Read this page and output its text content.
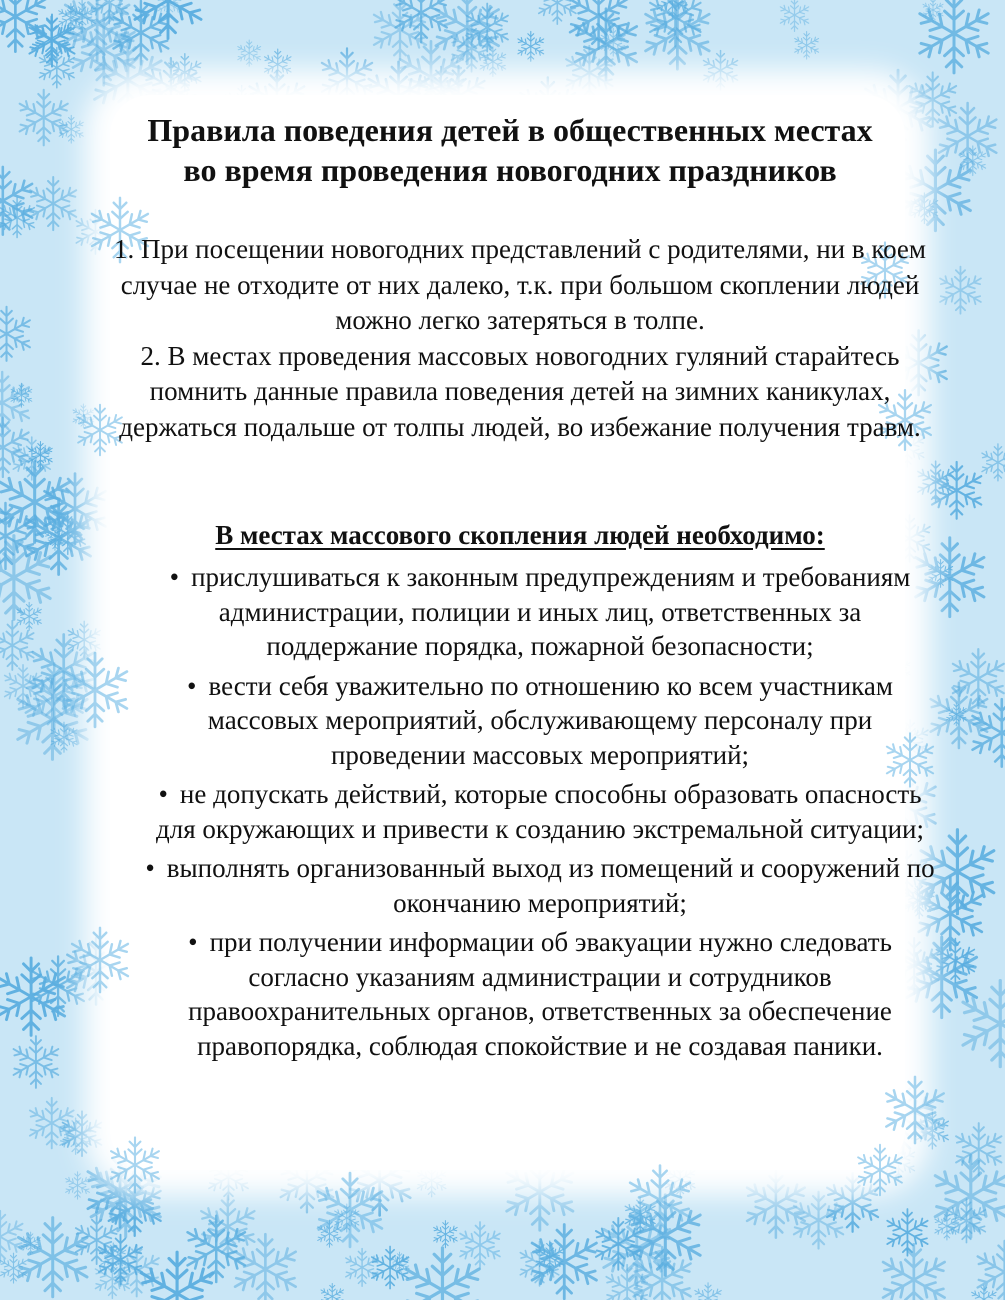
Правила поведения детей в общественных местах во время проведения новогодних праздников

1. При посещении новогодних представлений с родителями, ни в коем случае не отходите от них далеко, т.к. при большом скоплении людей можно легко затеряться в толпе.

2. В местах проведения массовых новогодних гуляний старайтесь помнить данные правила поведения детей на зимних каникулах, держаться подальше от толпы людей, во избежание получения травм.

В местах массового скопления людей необходимо:
• прислушиваться к законным предупреждениям и требованиям администрации, полиции и иных лиц, ответственных за поддержание порядка, пожарной безопасности;
• вести себя уважительно по отношению ко всем участникам массовых мероприятий, обслуживающему персоналу при проведении массовых мероприятий;
• не допускать действий, которые способны образовать опасность для окружающих и привести к созданию экстремальной ситуации;
• выполнять организованный выход из помещений и сооружений по окончанию мероприятий;
• при получении информации об эвакуации нужно следовать согласно указаниям администрации и сотрудников правоохранительных органов, ответственных за обеспечение правопорядка, соблюдая спокойствие и не создавая паники.
